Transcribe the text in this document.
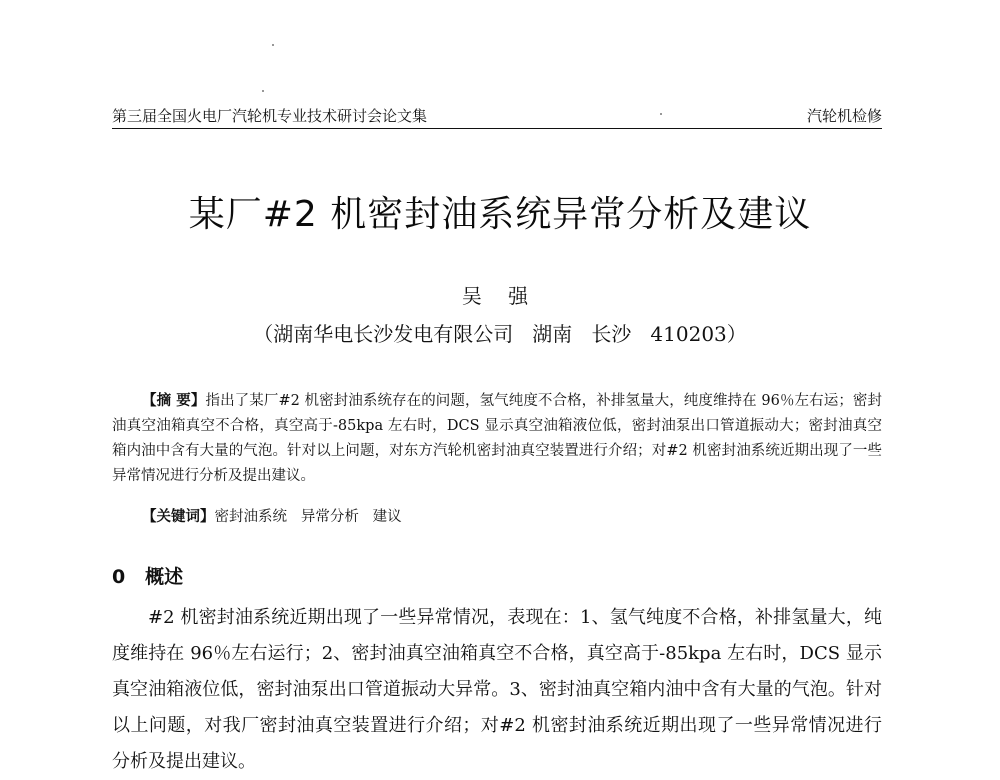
第三届全国火电厂汽轮机专业技术研讨会论文集	汽轮机检修
某厂#2 机密封油系统异常分析及建议
吴 强
（湖南华电长沙发电有限公司   湖南   长沙   410203）
【摘 要】指出了某厂#2 机密封油系统存在的问题，氢气纯度不合格，补排氢量大，纯度维持在 96％左右运；密封油真空油箱真空不合格，真空高于-85kpa 左右时，DCS 显示真空油箱液位低，密封油泵出口管道振动大；密封油真空箱内油中含有大量的气泡。针对以上问题，对东方汽轮机密封油真空装置进行介绍；对#2 机密封油系统近期出现了一些异常情况进行分析及提出建议。
【关键词】密封油系统   异常分析   建议
0 概述
#2 机密封油系统近期出现了一些异常情况，表现在：1、氢气纯度不合格，补排氢量大，纯度维持在 96％左右运行；2、密封油真空油箱真空不合格，真空高于-85kpa 左右时，DCS 显示真空油箱液位低，密封油泵出口管道振动大异常。3、密封油真空箱内油中含有大量的气泡。针对以上问题，对我厂密封油真空装置进行介绍；对#2 机密封油系统近期出现了一些异常情况进行分析及提出建议。
